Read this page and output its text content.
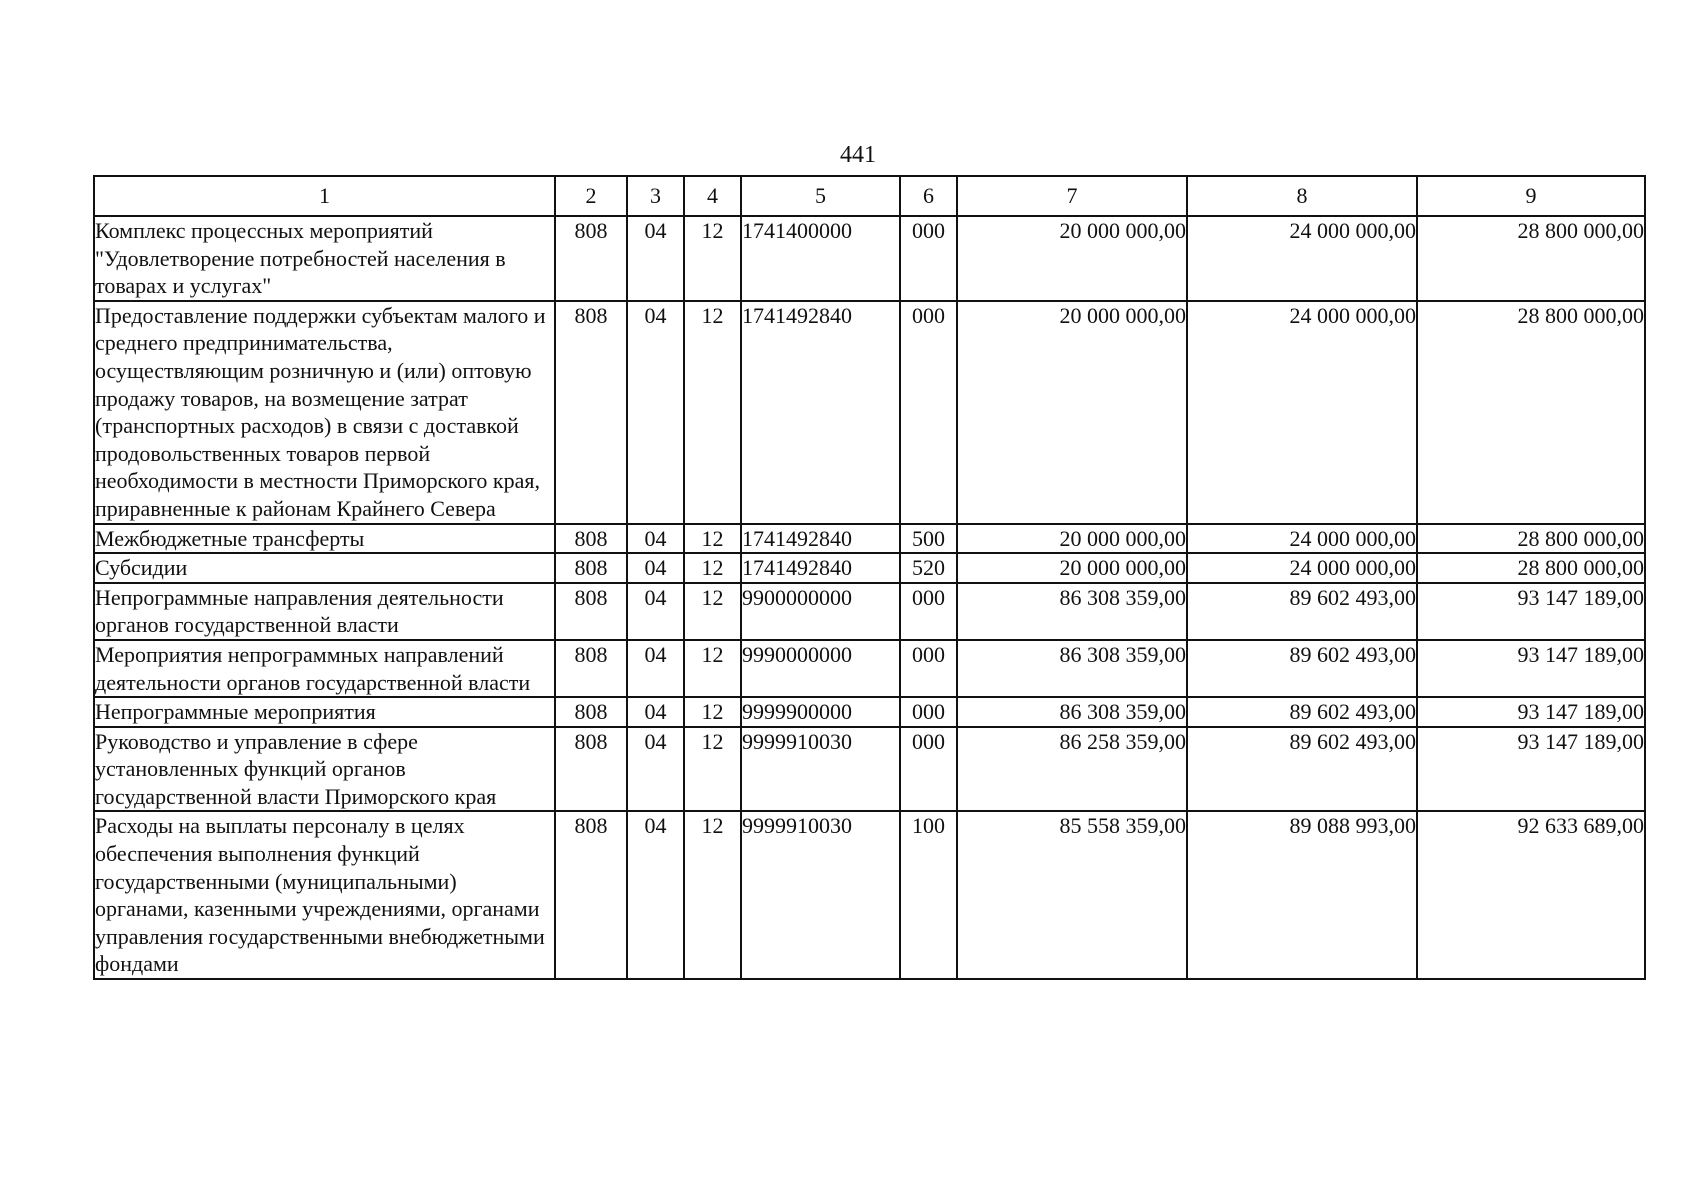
441
1	2	3	4	5	6	7	8	9
Комплекс процессных мероприятий "Удовлетворение потребностей населения в товарах и услугах"	808	04	12	1741400000	000	20 000 000,00	24 000 000,00	28 800 000,00
Предоставление поддержки субъектам малого и среднего предпринимательства, осуществляющим розничную и (или) оптовую продажу товаров, на возмещение затрат (транспортных расходов) в связи с доставкой продовольственных товаров первой необходимости в местности Приморского края, приравненные к районам Крайнего Севера	808	04	12	1741492840	000	20 000 000,00	24 000 000,00	28 800 000,00
Межбюджетные трансферты	808	04	12	1741492840	500	20 000 000,00	24 000 000,00	28 800 000,00
Субсидии	808	04	12	1741492840	520	20 000 000,00	24 000 000,00	28 800 000,00
Непрограммные направления деятельности органов государственной власти	808	04	12	9900000000	000	86 308 359,00	89 602 493,00	93 147 189,00
Мероприятия непрограммных направлений деятельности органов государственной власти	808	04	12	9990000000	000	86 308 359,00	89 602 493,00	93 147 189,00
Непрограммные мероприятия	808	04	12	9999900000	000	86 308 359,00	89 602 493,00	93 147 189,00
Руководство и управление в сфере установленных функций органов государственной власти Приморского края	808	04	12	9999910030	000	86 258 359,00	89 602 493,00	93 147 189,00
Расходы на выплаты персоналу в целях обеспечения выполнения функций государственными (муниципальными) органами, казенными учреждениями, органами управления государственными внебюджетными фондами	808	04	12	9999910030	100	85 558 359,00	89 088 993,00	92 633 689,00
